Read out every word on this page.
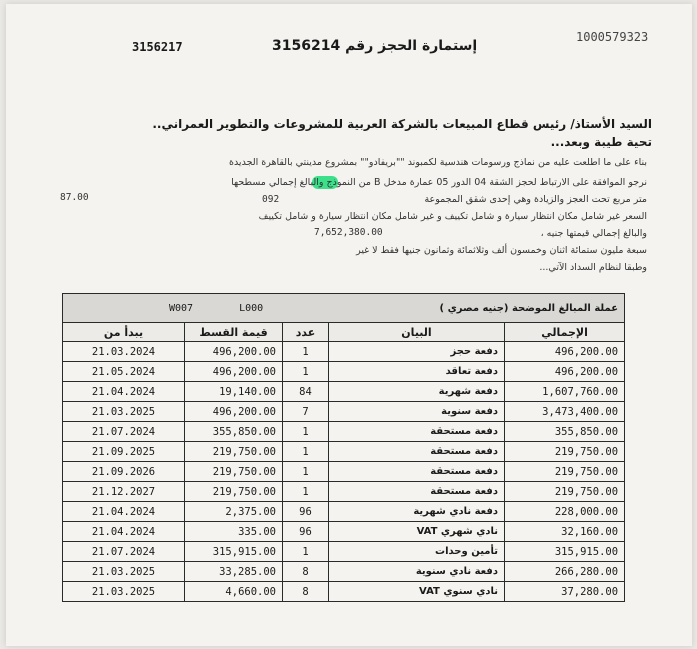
1000579323
3156217	إستمارة الحجز رقم 3156214
السيد الأستاذ/ رئيس قطاع المبيعات بالشركة العربية للمشروعات والتطوير العمراني..
تحية طيبة وبعد...
بناء على ما اطلعت عليه من نماذج ورسومات هندسية لكمبوند ""بريفادو"" بمشروع مدينتي بالقاهرة الجديدة
نرجو الموافقة على الارتباط لحجز الشقة 04 الدور 05 عمارة مدخل B من النموذج والبالغ إجمالي مسطحها
متر مربع تحت العجز والزيادة وهي إحدى شقق المجموعة
السعر غير شامل مكان انتظار سيارة و شامل تكييف و غير شامل مكان انتظار سيارة و شامل تكييف
والبالغ إجمالي قيمتها جنيه ،
سبعة مليون ستمائة اثنان وخمسون ألف وثلاثمائة وثمانون جنيها فقط لا غير
وطبقا لنظام السداد الآتي...
87.00	092
7,652,380.00
W007 L000		عملة المبالغ الموضحة (جنيه مصري )		
يبدأ من	قيمة القسط	عدد	البيان	الإجمالي
21.03.2024	496,200.00	1	دفعة حجز	496,200.00
21.05.2024	496,200.00	1	دفعة تعاقد	496,200.00
21.04.2024	19,140.00	84	دفعة شهرية	1,607,760.00
21.03.2025	496,200.00	7	دفعة سنوية	3,473,400.00
21.07.2024	355,850.00	1	دفعة مستحقة	355,850.00
21.09.2025	219,750.00	1	دفعة مستحقة	219,750.00
21.09.2026	219,750.00	1	دفعة مستحقة	219,750.00
21.12.2027	219,750.00	1	دفعة مستحقة	219,750.00
21.04.2024	2,375.00	96	دفعة نادي شهرية	228,000.00
21.04.2024	335.00	96	VAT نادي شهري	32,160.00
21.07.2024	315,915.00	1	تأمين وحدات	315,915.00
21.03.2025	33,285.00	8	دفعة نادي سنوية	266,280.00
21.03.2025	4,660.00	8	VAT نادي سنوي	37,280.00
